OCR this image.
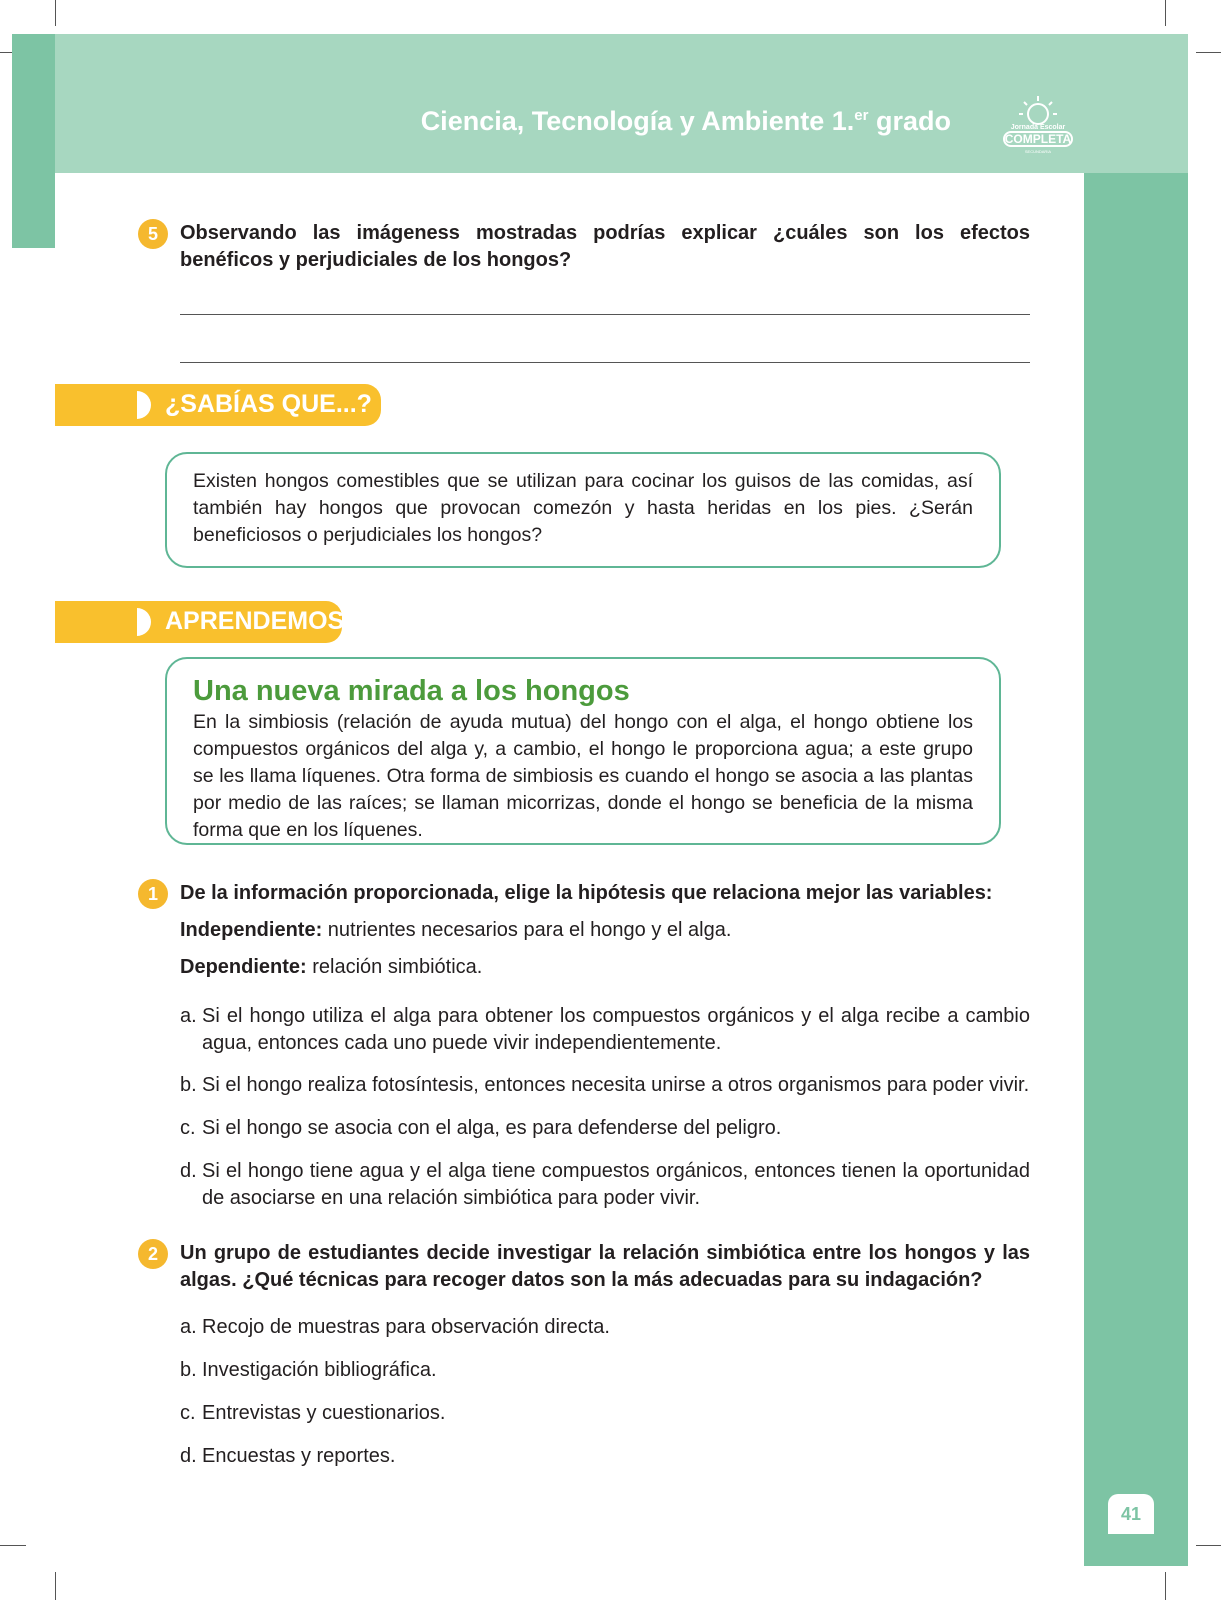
Ciencia, Tecnología y Ambiente 1.$^{er}$ grado	Jornada Escolar
COMPLETA
SECUNDARIA
5	Observando las imágeness mostradas podrías explicar ¿cuáles son los efectos benéficos y perjudiciales de los hongos?
¿SABÍAS QUE...?

Existen hongos comestibles que se utilizan para cocinar los guisos de las comidas, así también hay hongos que provocan comezón y hasta heridas en los pies. ¿Serán beneficiosos o perjudiciales los hongos?

APRENDEMOS
Una nueva mirada a los hongos

En la simbiosis (relación de ayuda mutua) del hongo con el alga, el hongo obtiene los compuestos orgánicos del alga y, a cambio, el hongo le proporciona agua; a este grupo se les llama líquenes. Otra forma de simbiosis es cuando el hongo se asocia a las plantas por medio de las raíces; se llaman micorrizas, donde el hongo se beneficia de la misma forma que en los líquenes.

1	De la información proporcionada, elige la hipótesis que relaciona mejor las variables:
Independiente: nutrientes necesarios para el hongo y el alga.
Dependiente: relación simbiótica.
a. Si el hongo utiliza el alga para obtener los compuestos orgánicos y el alga recibe a cambio agua, entonces cada uno puede vivir independientemente.
b. Si el hongo realiza fotosíntesis, entonces necesita unirse a otros organismos para poder vivir.
c. Si el hongo se asocia con el alga, es para defenderse del peligro.
d. Si el hongo tiene agua y el alga tiene compuestos orgánicos, entonces tienen la oportunidad de asociarse en una relación simbiótica para poder vivir.
2	Un grupo de estudiantes decide investigar la relación simbiótica entre los hongos y las algas. ¿Qué técnicas para recoger datos son la más adecuadas para su indagación?
a. Recojo de muestras para observación directa.
b. Investigación bibliográfica.
c. Entrevistas y cuestionarios.
d. Encuestas y reportes.
41
